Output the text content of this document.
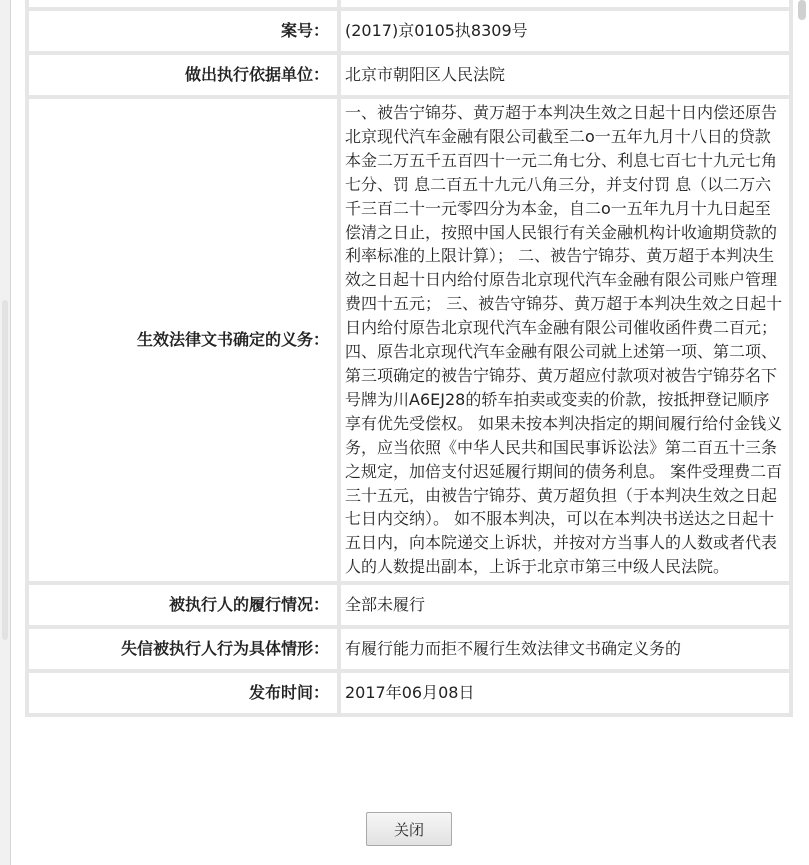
案号：	(2017)京0105执8309号
做出执行依据单位：	北京市朝阳区人民法院
生效法律文书确定的义务：	一、被告宁锦芬、黄万超于本判决生效之日起十日内偿还原告北京现代汽车金融有限公司截至二o一五年九月十八日的贷款本金二万五千五百四十一元二角七分、利息七百七十九元七角七分、罚 息二百五十九元八角三分，并支付罚 息（以二万六千三百二十一元零四分为本金，自二o一五年九月十九日起至偿清之日止，按照中国人民银行有关金融机构计收逾期贷款的利率标准的上限计算）； 二、被告宁锦芬、黄万超于本判决生效之日起十日内给付原告北京现代汽车金融有限公司账户管理费四十五元； 三、被告守锦芬、黄万超于本判决生效之日起十日内给付原告北京现代汽车金融有限公司催收函件费二百元； 四、原告北京现代汽车金融有限公司就上述第一项、第二项、第三项确定的被告宁锦芬、黄万超应付款项对被告宁锦芬名下号牌为川A6EJ28的轿车拍卖或变卖的价款，按抵押登记顺序享有优先受偿权。 如果未按本判决指定的期间履行给付金钱义务，应当依照《中华人民共和国民事诉讼法》第二百五十三条之规定，加倍支付迟延履行期间的债务利息。 案件受理费二百三十五元，由被告宁锦芬、黄万超负担（于本判决生效之日起七日内交纳）。 如不服本判决，可以在本判决书送达之日起十五日内，向本院递交上诉状，并按对方当事人的人数或者代表人的人数提出副本，上诉于北京市第三中级人民法院。
被执行人的履行情况：	全部未履行
失信被执行人行为具体情形：	有履行能力而拒不履行生效法律文书确定义务的
发布时间：	2017年06月08日
关闭
